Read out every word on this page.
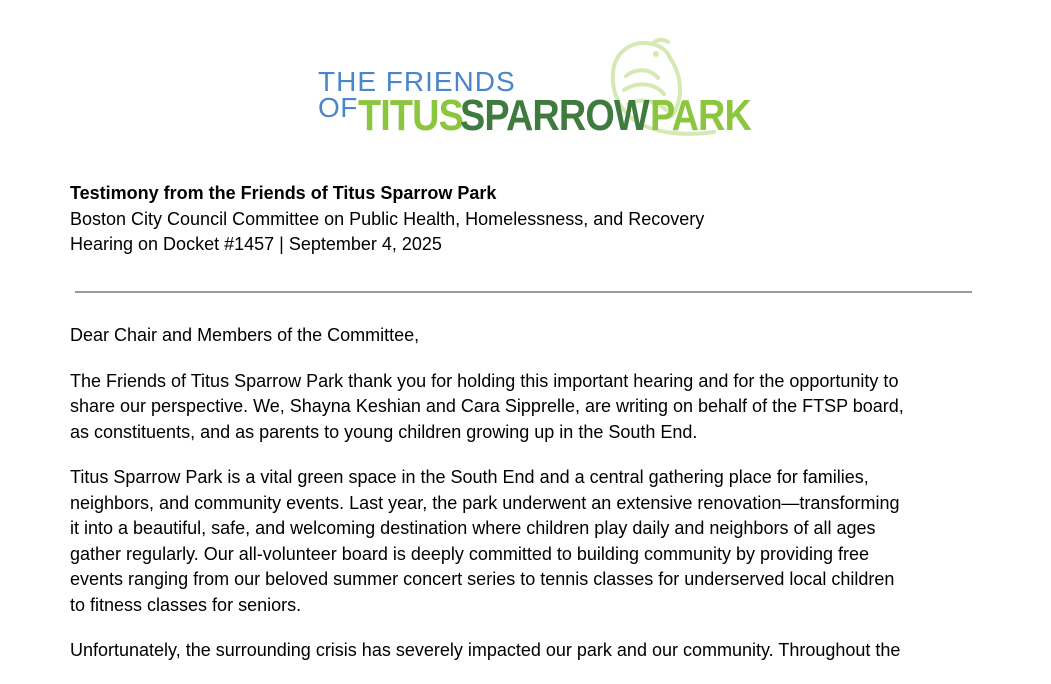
THE FRIENDS
OFTITUSSPARROWPARK
Testimony from the Friends of Titus Sparrow Park
Boston City Council Committee on Public Health, Homelessness, and Recovery
Hearing on Docket #1457 | September 4, 2025

Dear Chair and Members of the Committee,

The Friends of Titus Sparrow Park thank you for holding this important hearing and for the opportunity to
share our perspective. We, Shayna Keshian and Cara Sipprelle, are writing on behalf of the FTSP board,
as constituents, and as parents to young children growing up in the South End.

Titus Sparrow Park is a vital green space in the South End and a central gathering place for families,
neighbors, and community events. Last year, the park underwent an extensive renovation—transforming
it into a beautiful, safe, and welcoming destination where children play daily and neighbors of all ages
gather regularly. Our all-volunteer board is deeply committed to building community by providing free
events ranging from our beloved summer concert series to tennis classes for underserved local children
to fitness classes for seniors.

Unfortunately, the surrounding crisis has severely impacted our park and our community. Throughout the
